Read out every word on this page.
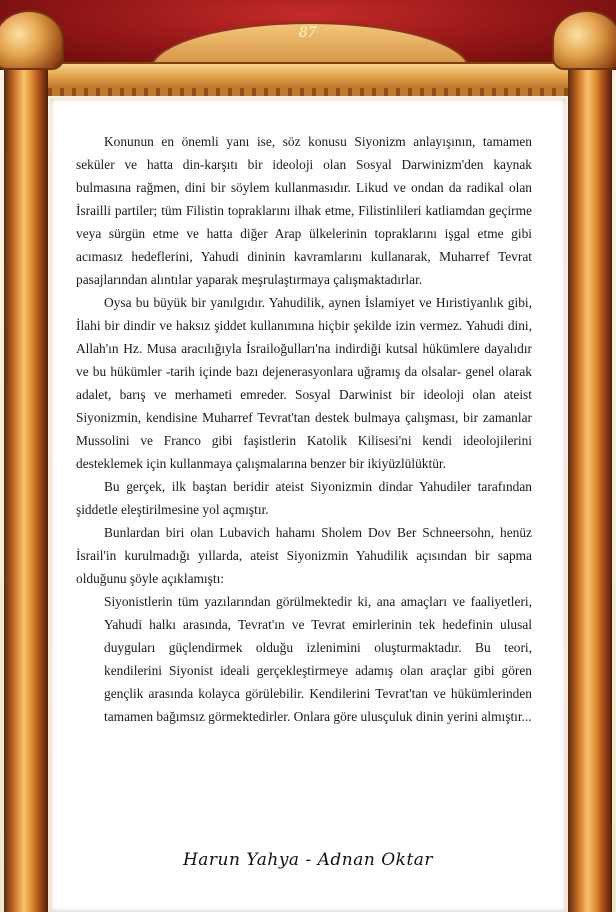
87

Konunun en önemli yanı ise, söz konusu Siyonizm anlayışının, tamamen seküler ve hatta din-karşıtı bir ideoloji olan Sosyal Darwinizm'den kaynak bulmasına rağmen, dini bir söylem kullanmasıdır. Likud ve ondan da radikal olan İsrailli partiler; tüm Filistin topraklarını ilhak etme, Filistinlileri katliamdan geçirme veya sürgün etme ve hatta diğer Arap ülkelerinin topraklarını işgal etme gibi acımasız hedeflerini, Yahudi dininin kavramlarını kullanarak, Muharref Tevrat pasajlarından alıntılar yaparak meşrulaştırmaya çalışmaktadırlar.

Oysa bu büyük bir yanılgıdır. Yahudilik, aynen İslamiyet ve Hıristiyanlık gibi, İlahi bir dindir ve haksız şiddet kullanımına hiçbir şekilde izin vermez. Yahudi dini, Allah'ın Hz. Musa aracılığıyla İsrailoğulları'na indirdiği kutsal hükümlere dayalıdır ve bu hükümler -tarih içinde bazı dejenerasyonlara uğramış da olsalar- genel olarak adalet, barış ve merhameti emreder. Sosyal Darwinist bir ideoloji olan ateist Siyonizmin, kendisine Muharref Tevrat'tan destek bulmaya çalışması, bir zamanlar Mussolini ve Franco gibi faşistlerin Katolik Kilisesi'ni kendi ideolojilerini desteklemek için kullanmaya çalışmalarına benzer bir ikiyüzlülüktür.

Bu gerçek, ilk baştan beridir ateist Siyonizmin dindar Yahudiler tarafından şiddetle eleştirilmesine yol açmıştır.

Bunlardan biri olan Lubavich hahamı Sholem Dov Ber Schneersohn, henüz İsrail'in kurulmadığı yıllarda, ateist Siyonizmin Yahudilik açısından bir sapma olduğunu şöyle açıklamıştı:

Siyonistlerin tüm yazılarından görülmektedir ki, ana amaçları ve faaliyetleri, Yahudi halkı arasında, Tevrat'ın ve Tevrat emirlerinin tek hedefinin ulusal duyguları güçlendirmek olduğu izlenimini oluşturmaktadır. Bu teori, kendilerini Siyonist ideali gerçekleştirmeye adamış olan araçlar gibi gören gençlik arasında kolayca görülebilir. Kendilerini Tevrat'tan ve hükümlerinden tamamen bağımsız görmektedirler. Onlara göre ulusçuluk dinin yerini almıştır...

Harun Yahya - Adnan Oktar
